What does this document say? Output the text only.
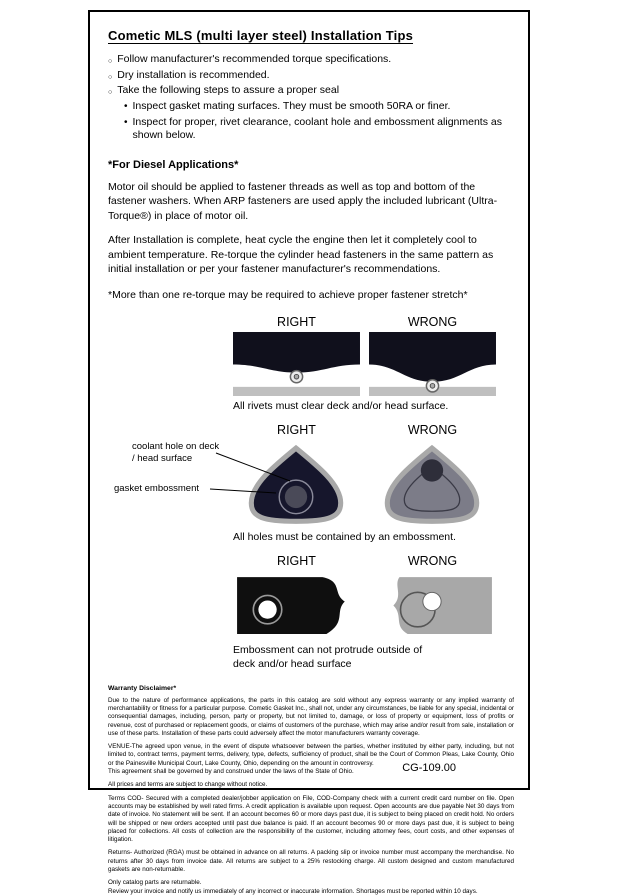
Cometic MLS (multi layer steel) Installation Tips
○
Follow manufacturer's recommended torque specifications.
○
Dry installation is recommended.
○
Take the following steps to assure a proper seal
•
Inspect gasket mating surfaces. They must be smooth 50RA or finer.
•
Inspect for proper, rivet clearance, coolant hole and embossment alignments as shown below.
*For Diesel Applications*
Motor oil should be applied to fastener threads as well as top and bottom of the fastener washers. When ARP fasteners are used apply the included lubricant (Ultra-Torque®) in place of motor oil.
After Installation is complete, heat cycle the engine then let it completely cool to ambient temperature. Re-torque the cylinder head fasteners in the same pattern as initial installation or per your fastener manufacturer's recommendations.
*More than one re-torque may be required to achieve proper fastener stretch*
RIGHT	WRONG
All rivets must clear deck and/or head surface.
RIGHT	WRONG
coolant hole on deck / head surface
gasket embossment
All holes must be contained by an embossment.
RIGHT	WRONG
Embossment can not protrude outside of deck and/or head surface
Warranty Disclaimer*
Due to the nature of performance applications, the parts in this catalog are sold without any express warranty or any implied warranty of merchantability or fitness for a particular purpose. Cometic Gasket Inc., shall not, under any circumstances, be liable for any special, incidental or consequential damages, including, person, party or property, but not limited to, damage, or loss of property or equipment, loss of profits or revenue, cost of purchased or replacement goods, or claims of customers of the purchase, which may arise and/or result from sale, installation or use of these parts. Installation of these parts could adversely affect the motor manufacturers warranty coverage.
VENUE-The agreed upon venue, in the event of dispute whatsoever between the parties, whether instituted by either party, including, but not limited to, contract terms, payment terms, delivery, type, defects, sufficiency of product, shall be the Court of Common Pleas, Lake County, Ohio or the Painesville Municipal Court, Lake County, Ohio, depending on the amount in controversy.
This agreement shall be governed by and construed under the laws of the State of Ohio.
All prices and terms are subject to change without notice.
Terms COD- Secured with a completed dealer/jobber application on File, COD-Company check with a current credit card number on file. Open accounts may be established by well rated firms. A credit application is available upon request. Open accounts are due payable Net 30 days from date of invoice. No statement will be sent. If an account becomes 60 or more days past due, it is subject to being placed on credit hold. No orders will be shipped or new orders accepted until past due balance is paid. If an account becomes 90 or more days past due, it is subject to being placed for collections. All costs of collection are the responsibility of the customer, including attorney fees, court costs, and other expenses of litigation.
Returns- Authorized (RGA) must be obtained in advance on all returns. A packing slip or invoice number must accompany the merchandise. No returns after 30 days from invoice date. All returns are subject to a 25% restocking charge. All custom designed and custom manufactured gaskets are non-returnable.
Only catalog parts are returnable.
Review your invoice and notify us immediately of any incorrect or inaccurate information. Shortages must be reported within 10 days.
CG-109.00
